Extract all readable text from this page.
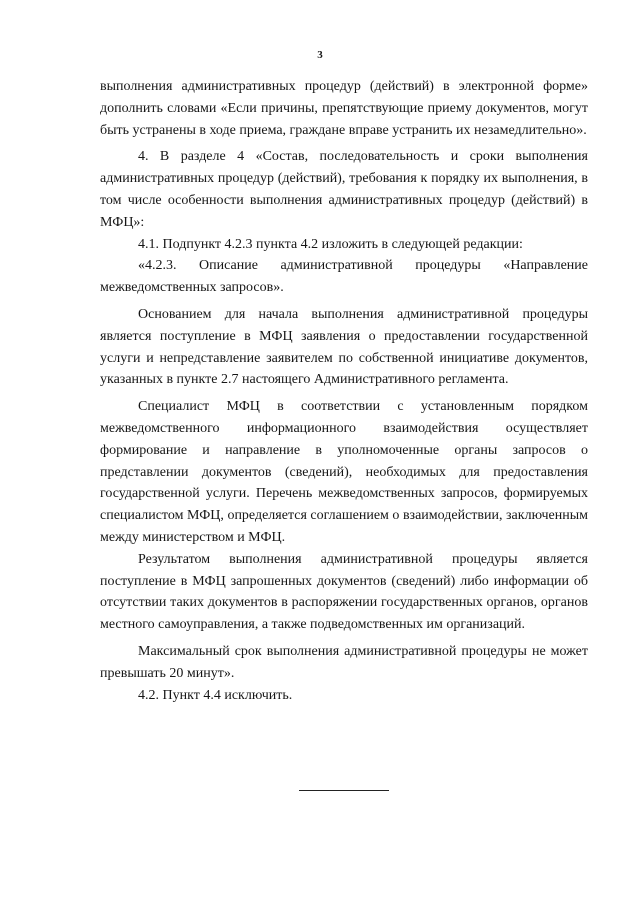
3

выполнения административных процедур (действий) в электронной форме» дополнить словами «Если причины, препятствующие приему документов, могут быть устранены в ходе приема, граждане вправе устранить их незамедлительно».

4. В разделе 4 «Состав, последовательность и сроки выполнения административных процедур (действий), требования к порядку их выполнения, в том числе особенности выполнения административных процедур (действий) в МФЦ»:

4.1. Подпункт 4.2.3 пункта 4.2 изложить в следующей редакции:

«4.2.3. Описание административной процедуры «Направление межведомственных запросов».

Основанием для начала выполнения административной процедуры является поступление в МФЦ заявления о предоставлении государственной услуги и непредставление заявителем по собственной инициативе документов, указанных в пункте 2.7 настоящего Административного регламента.

Специалист МФЦ в соответствии с установленным порядком межведомственного информационного взаимодействия осуществляет формирование и направление в уполномоченные органы запросов о представлении документов (сведений), необходимых для предоставления государственной услуги. Перечень межведомственных запросов, формируемых специалистом МФЦ, определяется соглашением о взаимодействии, заключенным между министерством и МФЦ.

Результатом выполнения административной процедуры является поступление в МФЦ запрошенных документов (сведений) либо информации об отсутствии таких документов в распоряжении государственных органов, органов местного самоуправления, а также подведомственных им организаций.

Максимальный срок выполнения административной процедуры не может превышать 20 минут».

4.2. Пункт 4.4 исключить.
